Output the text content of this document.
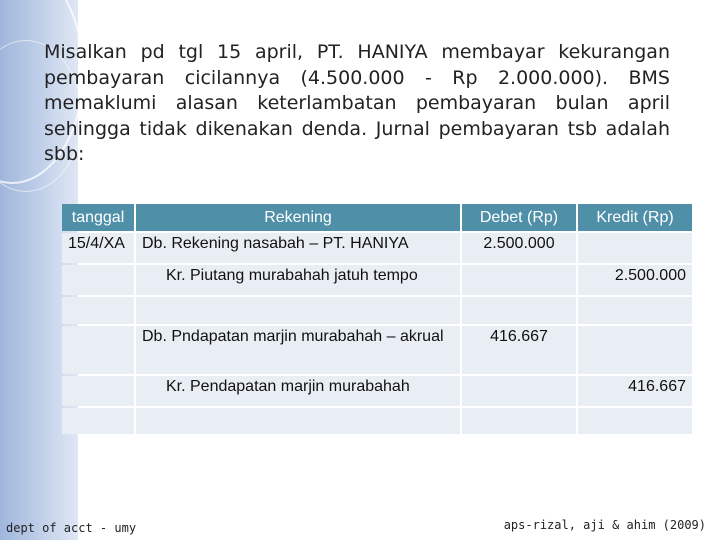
Misalkan pd tgl 15 april, PT. HANIYA membayar kekurangan pembayaran cicilannya (4.500.000 - Rp 2.000.000). BMS memaklumi alasan keterlambatan pembayaran bulan april sehingga tidak dikenakan denda. Jurnal pembayaran tsb adalah sbb:
tanggal	Rekening	Debet (Rp)	Kredit (Rp)
15/4/XA	Db. Rekening nasabah – PT. HANIYA	2.500.000	
	Kr. Piutang murabahah jatuh tempo		2.500.000

	Db. Pndapatan marjin murabahah – akrual	416.667	
	Kr. Pendapatan marjin murabahah		416.667

dept of acct - umy	aps-rizal, aji & ahim (2009)
